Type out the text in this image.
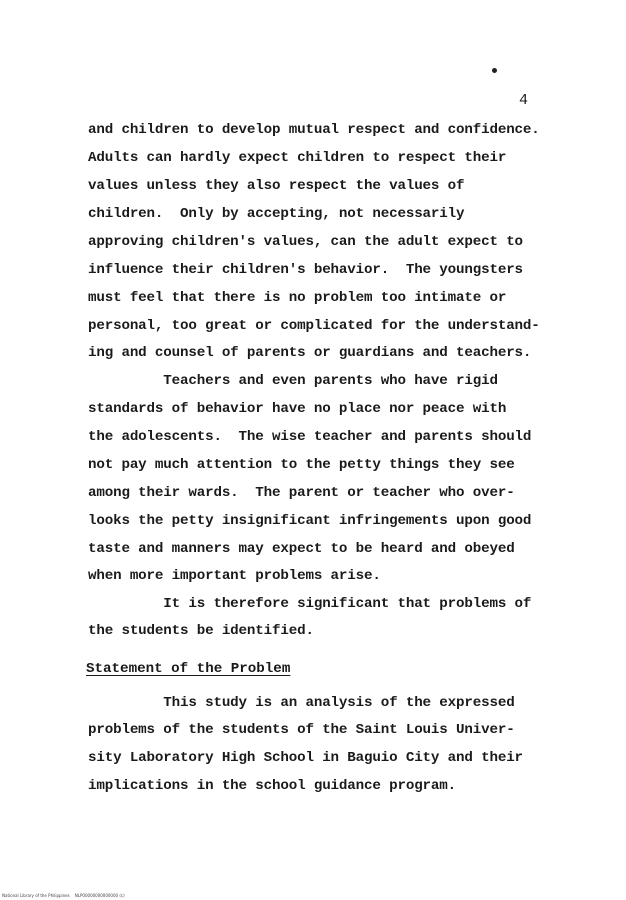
4
and children to develop mutual respect and confidence.
Adults can hardly expect children to respect their
values unless they also respect the values of
children.  Only by accepting, not necessarily
approving children's values, can the adult expect to
influence their children's behavior.  The youngsters
must feel that there is no problem too intimate or
personal, too great or complicated for the understand-
ing and counsel of parents or guardians and teachers.
Teachers and even parents who have rigid
standards of behavior have no place nor peace with
the adolescents.  The wise teacher and parents should
not pay much attention to the petty things they see
among their wards.  The parent or teacher who over-
looks the petty insignificant infringements upon good
taste and manners may expect to be heard and obeyed
when more important problems arise.
It is therefore significant that problems of
the students be identified.
Statement of the Problem
This study is an analysis of the expressed
problems of the students of the Saint Louis Univer-
sity Laboratory High School in Baguio City and their
implications in the school guidance program.
National Library of the Philippines    NLP00000000000000 (c)
